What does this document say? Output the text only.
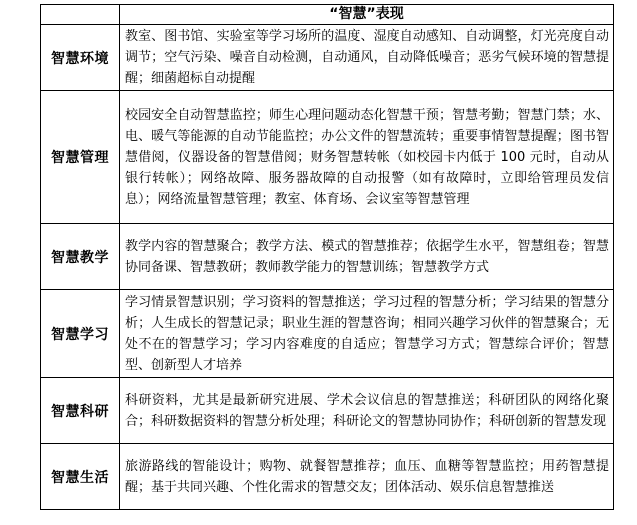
	“智慧”表现
智慧环境	教室、图书馆、实验室等学习场所的温度、湿度自动感知、自动调整，灯光亮度自动调节；空气污染、噪音自动检测，自动通风，自动降低噪音；恶劣气候环境的智慧提醒；细菌超标自动提醒
智慧管理	校园安全自动智慧监控；师生心理问题动态化智慧干预；智慧考勤；智慧门禁；水、电、暖气等能源的自动节能监控；办公文件的智慧流转；重要事情智慧提醒；图书智慧借阅，仪器设备的智慧借阅；财务智慧转帐（如校园卡内低于 100 元时，自动从银行转帐）；网络故障、服务器故障的自动报警（如有故障时，立即给管理员发信息）；网络流量智慧管理；教室、体育场、会议室等智慧管理
智慧教学	教学内容的智慧聚合；教学方法、模式的智慧推荐；依据学生水平，智慧组卷；智慧协同备课、智慧教研；教师教学能力的智慧训练；智慧教学方式
智慧学习	学习情景智慧识别；学习资料的智慧推送；学习过程的智慧分析；学习结果的智慧分析；人生成长的智慧记录；职业生涯的智慧咨询；相同兴趣学习伙伴的智慧聚合；无处不在的智慧学习；学习内容难度的自适应；智慧学习方式；智慧综合评价；智慧型、创新型人才培养
智慧科研	科研资料，尤其是最新研究进展、学术会议信息的智慧推送；科研团队的网络化聚合；科研数据资料的智慧分析处理；科研论文的智慧协同协作；科研创新的智慧发现
智慧生活	旅游路线的智能设计；购物、就餐智慧推荐；血压、血糖等智慧监控；用药智慧提醒；基于共同兴趣、个性化需求的智慧交友；团体活动、娱乐信息智慧推送
